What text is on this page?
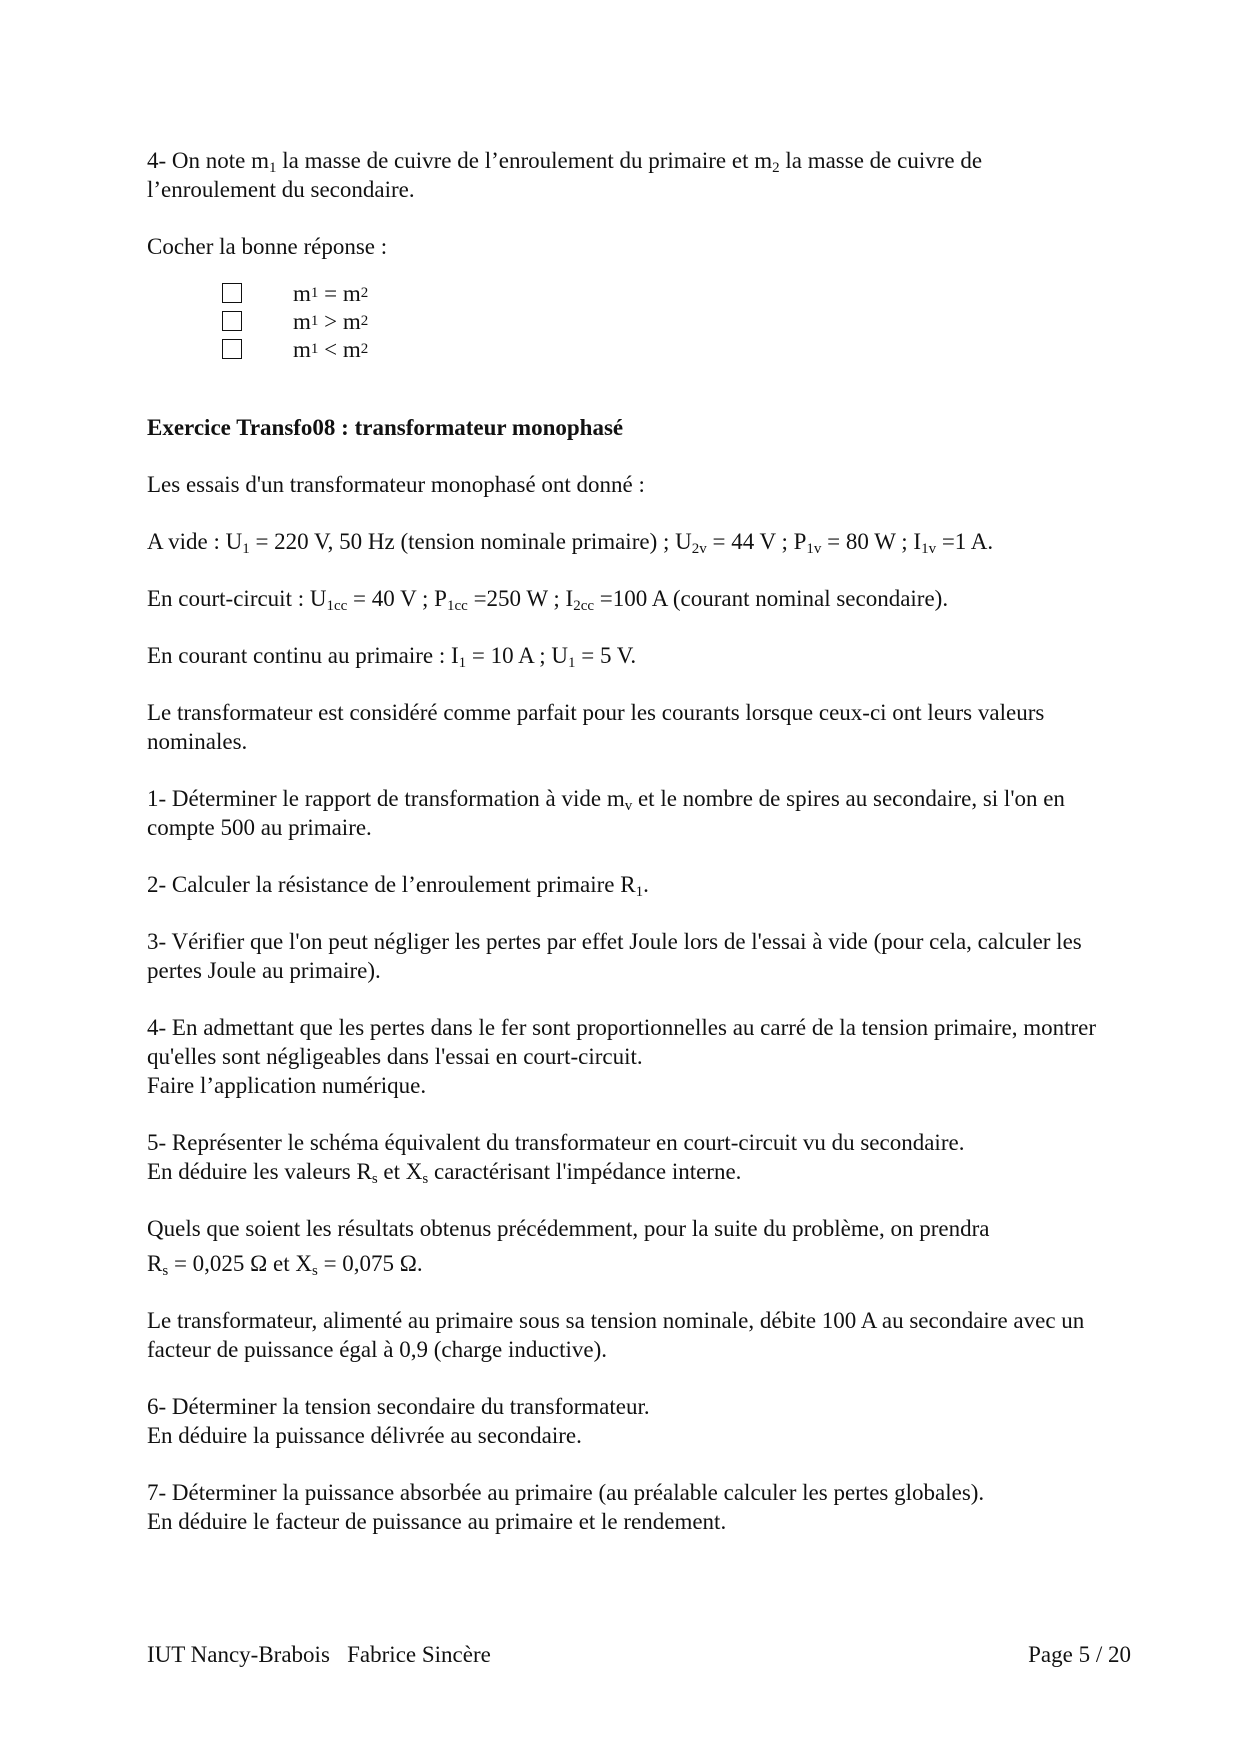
4- On note $m_1$ la masse de cuivre de l’enroulement du primaire et $m_2$ la masse de cuivre de l’enroulement du secondaire.

Cocher la bonne réponse :

m 1 = m 2
m 1 > m 2
m 1 < m 2

Exercice Transfo08 : transformateur monophasé

Les essais d'un transformateur monophasé ont donné :

A vide : $U_1 = 220$ V, 50 Hz (tension nominale primaire) ; $U_{2v} = 44$ V ; $P_{1v} = 80$ W ; $I_{1v} =1$ A.

En court-circuit : $U_{1cc} = 40$ V ; $P_{1cc} =250$ W ; $I_{2cc} =100$ A (courant nominal secondaire).

En courant continu au primaire : $I_1 = 10$ A ; $U_1 = 5$ V.

Le transformateur est considéré comme parfait pour les courants lorsque ceux-ci ont leurs valeurs nominales.

1- Déterminer le rapport de transformation à vide $m_v$ et le nombre de spires au secondaire, si l'on en compte 500 au primaire.

2- Calculer la résistance de l’enroulement primaire $R_1$.

3- Vérifier que l'on peut négliger les pertes par effet Joule lors de l'essai à vide (pour cela, calculer les pertes Joule au primaire).

4- En admettant que les pertes dans le fer sont proportionnelles au carré de la tension primaire, montrer qu'elles sont négligeables dans l'essai en court-circuit.
Faire l’application numérique.
5- Représenter le schéma équivalent du transformateur en court-circuit vu du secondaire.
En déduire les valeurs $R_s$ et $X_s$ caractérisant l'impédance interne.
Quels que soient les résultats obtenus précédemment, pour la suite du problème, on prendra
$R_s = 0,025$ Ω et $X_s = 0,075$ Ω.

Le transformateur, alimenté au primaire sous sa tension nominale, débite 100 A au secondaire avec un facteur de puissance égal à 0,9 (charge inductive).

6- Déterminer la tension secondaire du transformateur.
En déduire la puissance délivrée au secondaire.
7- Déterminer la puissance absorbée au primaire (au préalable calculer les pertes globales).
En déduire le facteur de puissance au primaire et le rendement.
IUT Nancy-Brabois   Fabrice Sincère	Page 5 / 20
